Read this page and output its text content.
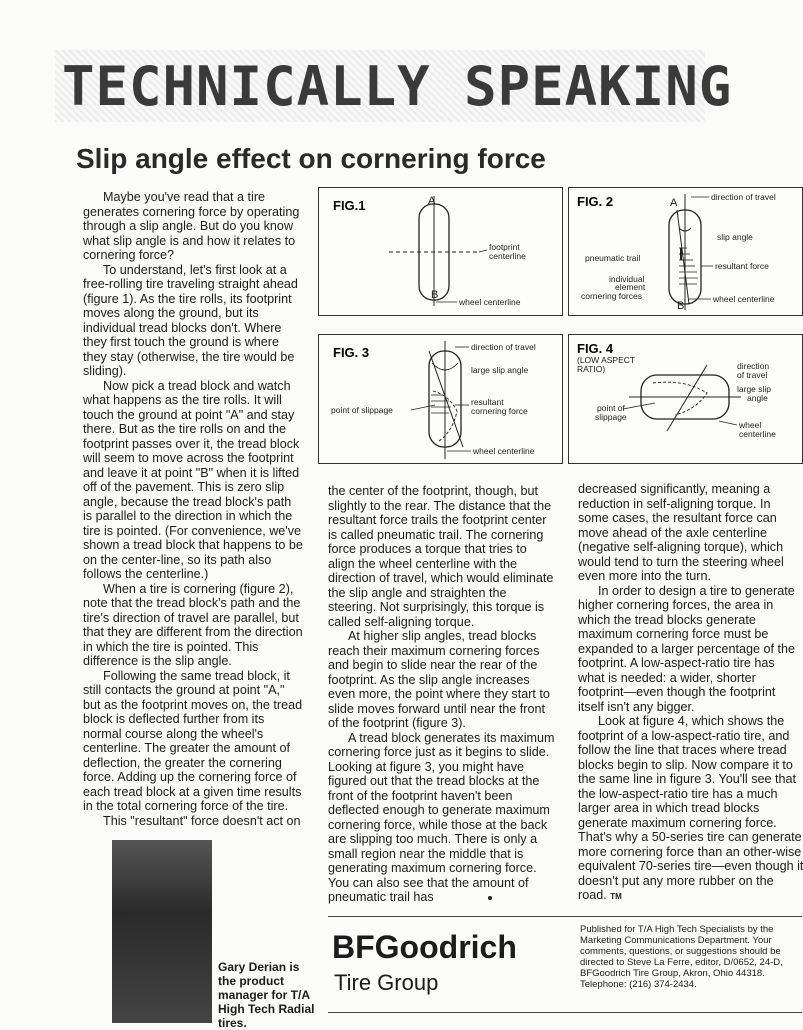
TECHNICALLY SPEAKING
Slip angle effect on cornering force

Maybe you've read that a tire generates cornering force by operating through a slip angle. But do you know what slip angle is and how it relates to cornering force?

To understand, let's first look at a free-rolling tire traveling straight ahead (figure 1). As the tire rolls, its footprint moves along the ground, but its individual tread blocks don't. Where they first touch the ground is where they stay (otherwise, the tire would be sliding).

Now pick a tread block and watch what happens as the tire rolls. It will touch the ground at point "A" and stay there. But as the tire rolls on and the footprint passes over it, the tread block will seem to move across the footprint and leave it at point "B" when it is lifted off of the pavement. This is zero slip angle, because the tread block's path is parallel to the direction in which the tire is pointed. (For convenience, we've shown a tread block that happens to be on the center-line, so its path also follows the centerline.)

When a tire is cornering (figure 2), note that the tread block's path and the tire's direction of travel are parallel, but that they are different from the direction in which the tire is pointed. This difference is the slip angle.

Following the same tread block, it still contacts the ground at point "A," but as the footprint moves on, the tread block is deflected further from its normal course along the wheel's centerline. The greater the amount of deflection, the greater the cornering force. Adding up the cornering force of each tread block at a given time results in the total cornering force of the tire.

This "resultant" force doesn't act on

the center of the footprint, though, but slightly to the rear. The distance that the resultant force trails the footprint center is called pneumatic trail. The cornering force produces a torque that tries to align the wheel centerline with the direction of travel, which would eliminate the slip angle and straighten the steering. Not surprisingly, this torque is called self-aligning torque.

At higher slip angles, tread blocks reach their maximum cornering forces and begin to slide near the rear of the footprint. As the slip angle increases even more, the point where they start to slide moves forward until near the front of the footprint (figure 3).

A tread block generates its maximum cornering force just as it begins to slide. Looking at figure 3, you might have figured out that the tread blocks at the front of the footprint haven't been deflected enough to generate maximum cornering force, while those at the back are slipping too much. There is only a small region near the middle that is generating maximum cornering force. You can also see that the amount of pneumatic trail has

decreased significantly, meaning a reduction in self-aligning torque. In some cases, the resultant force can move ahead of the axle centerline (negative self-aligning torque), which would tend to turn the steering wheel even more into the turn.

In order to design a tire to generate higher cornering forces, the area in which the tread blocks generate maximum cornering force must be expanded to a larger percentage of the footprint. A low-aspect-ratio tire has what is needed: a wider, shorter footprint—even though the footprint itself isn't any bigger.

Look at figure 4, which shows the footprint of a low-aspect-ratio tire, and follow the line that traces where tread blocks begin to slip. Now compare it to the same line in figure 3. You'll see that the low-aspect-ratio tire has a much larger area in which tread blocks generate maximum cornering force. That's why a 50-series tire can generate more cornering force than an other-wise equivalent 70-series tire—even though it doesn't put any more rubber on the road. TM

FIG.1	A
B
footprint
centerline
wheel centerline
FIG. 2	A
B
direction of travel
slip angle
pneumatic trail
resultant force
individual
element
cornering forces	wheel centerline
FIG. 3	direction of travel
large slip angle
point of slippage
resultant
cornering force
wheel centerline
FIG. 4
(LOW ASPECT
RATIO)	direction
of travel
large slip
angle
point of
slippage
wheel
centerline
Gary Derian is the product manager for T/A High Tech Radial tires.
BFGoodrich
Tire Group
Published for T/A High Tech Specialists by the Marketing Communications Department. Your comments, questions, or suggestions should be directed to Steve La Ferre, editor, D/0652, 24-D, BFGoodrich Tire Group, Akron, Ohio 44318. Telephone: (216) 374-2434.
